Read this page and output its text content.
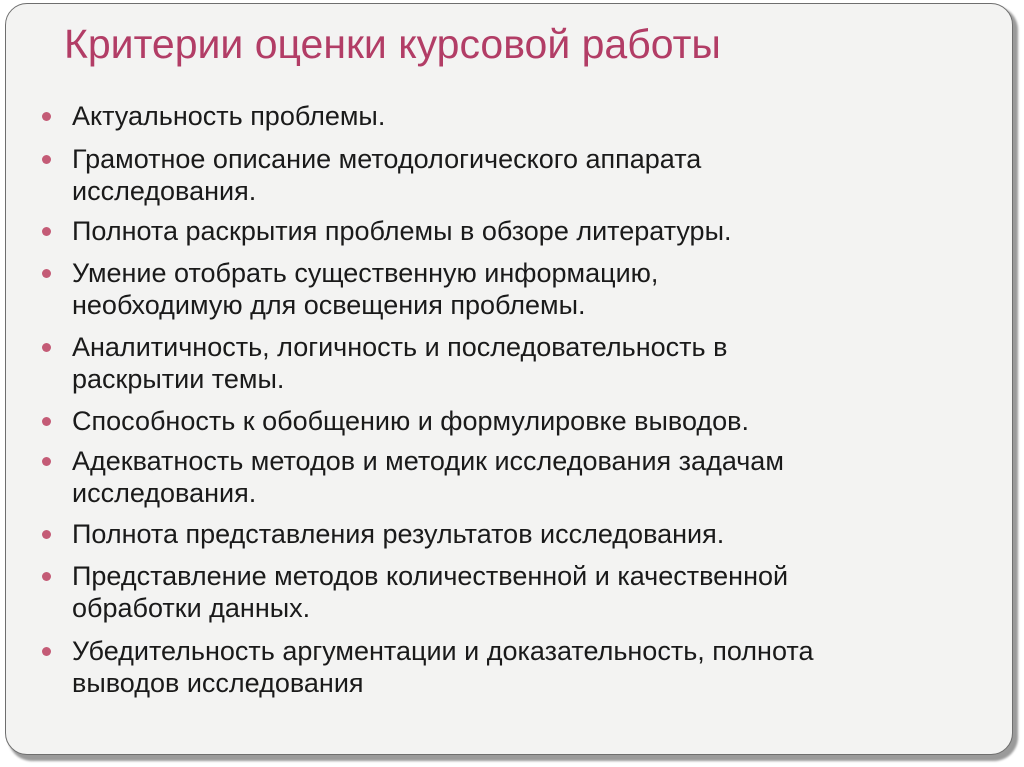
Критерии оценки курсовой работы
Актуальность проблемы.
Грамотное описание методологического аппарата
исследования.
Полнота раскрытия проблемы в обзоре литературы.
Умение отобрать существенную информацию,
необходимую для освещения проблемы.
Аналитичность, логичность и последовательность в
раскрытии темы.
Способность к обобщению и формулировке выводов.
Адекватность методов и методик исследования задачам
исследования.
Полнота представления результатов исследования.
Представление методов количественной и качественной
обработки данных.
Убедительность аргументации и доказательность, полнота
выводов исследования
